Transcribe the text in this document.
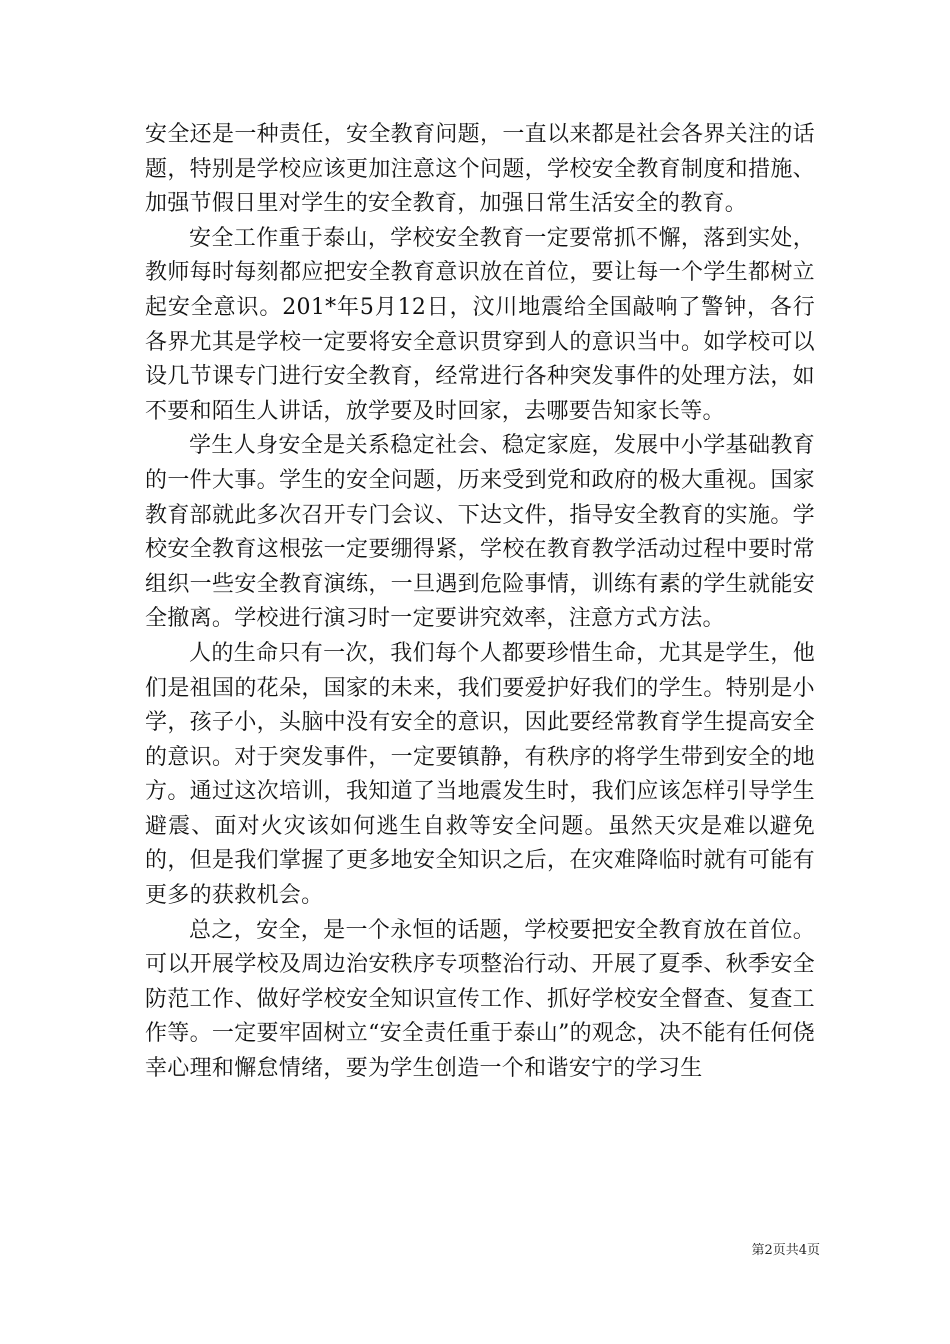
安全还是一种责任，安全教育问题，一直以来都是社会各界关注的话题，特别是学校应该更加注意这个问题，学校安全教育制度和措施、加强节假日里对学生的安全教育，加强日常生活安全的教育。

安全工作重于泰山，学校安全教育一定要常抓不懈，落到实处，教师每时每刻都应把安全教育意识放在首位，要让每一个学生都树立起安全意识。201*年5月12日，汶川地震给全国敲响了警钟，各行各界尤其是学校一定要将安全意识贯穿到人的意识当中。如学校可以设几节课专门进行安全教育，经常进行各种突发事件的处理方法，如不要和陌生人讲话，放学要及时回家，去哪要告知家长等。

学生人身安全是关系稳定社会、稳定家庭，发展中小学基础教育的一件大事。学生的安全问题，历来受到党和政府的极大重视。国家教育部就此多次召开专门会议、下达文件，指导安全教育的实施。学校安全教育这根弦一定要绷得紧，学校在教育教学活动过程中要时常组织一些安全教育演练，一旦遇到危险事情，训练有素的学生就能安全撤离。学校进行演习时一定要讲究效率，注意方式方法。

人的生命只有一次，我们每个人都要珍惜生命，尤其是学生，他们是祖国的花朵，国家的未来，我们要爱护好我们的学生。特别是小学，孩子小，头脑中没有安全的意识，因此要经常教育学生提高安全的意识。对于突发事件，一定要镇静，有秩序的将学生带到安全的地方。通过这次培训，我知道了当地震发生时，我们应该怎样引导学生避震、面对火灾该如何逃生自救等安全问题。虽然天灾是难以避免的，但是我们掌握了更多地安全知识之后，在灾难降临时就有可能有更多的获救机会。

总之，安全，是一个永恒的话题，学校要把安全教育放在首位。可以开展学校及周边治安秩序专项整治行动、开展了夏季、秋季安全防范工作、做好学校安全知识宣传工作、抓好学校安全督查、复查工作等。一定要牢固树立“安全责任重于泰山”的观念，决不能有任何侥幸心理和懈怠情绪，要为学生创造一个和谐安宁的学习生

第2页共4页
